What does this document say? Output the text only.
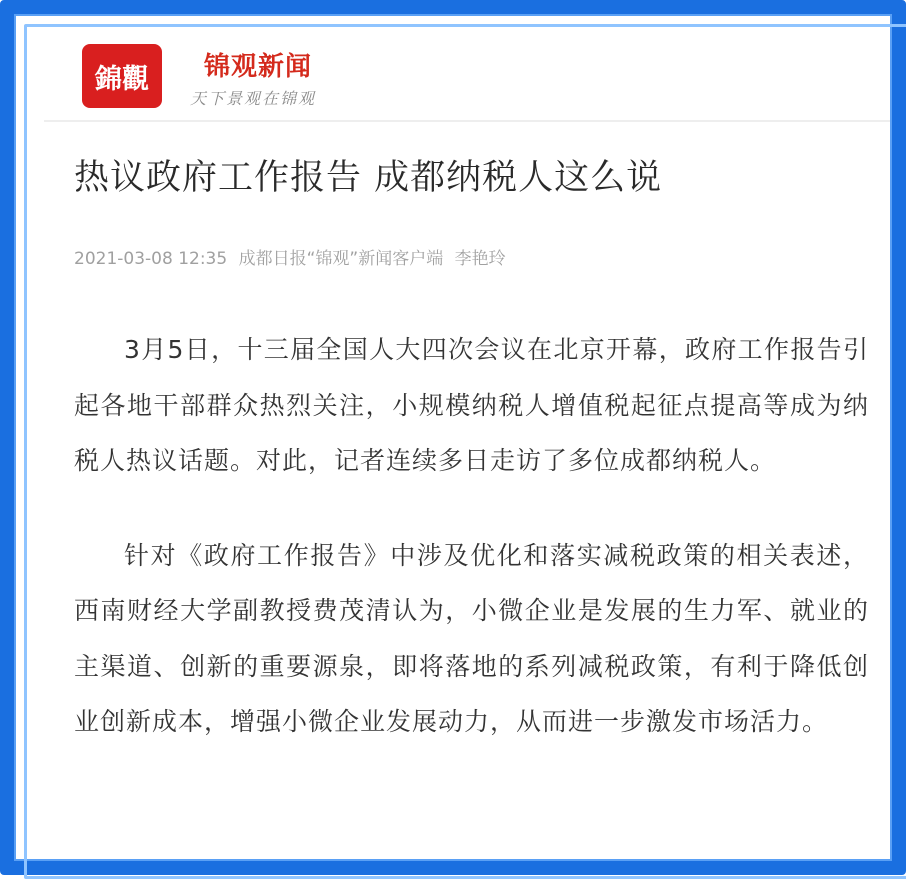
錦觀 锦观新闻
天下景观在锦观
热议政府工作报告 成都纳税人这么说
2021-03-08 12:35 成都日报“锦观”新闻客户端 李艳玲

3月5日，十三届全国人大四次会议在北京开幕，政府工作报告引起各地干部群众热烈关注，小规模纳税人增值税起征点提高等成为纳税人热议话题。对此，记者连续多日走访了多位成都纳税人。

针对《政府工作报告》中涉及优化和落实减税政策的相关表述，西南财经大学副教授费茂清认为，小微企业是发展的生力军、就业的主渠道、创新的重要源泉，即将落地的系列减税政策，有利于降低创业创新成本，增强小微企业发展动力，从而进一步激发市场活力。
